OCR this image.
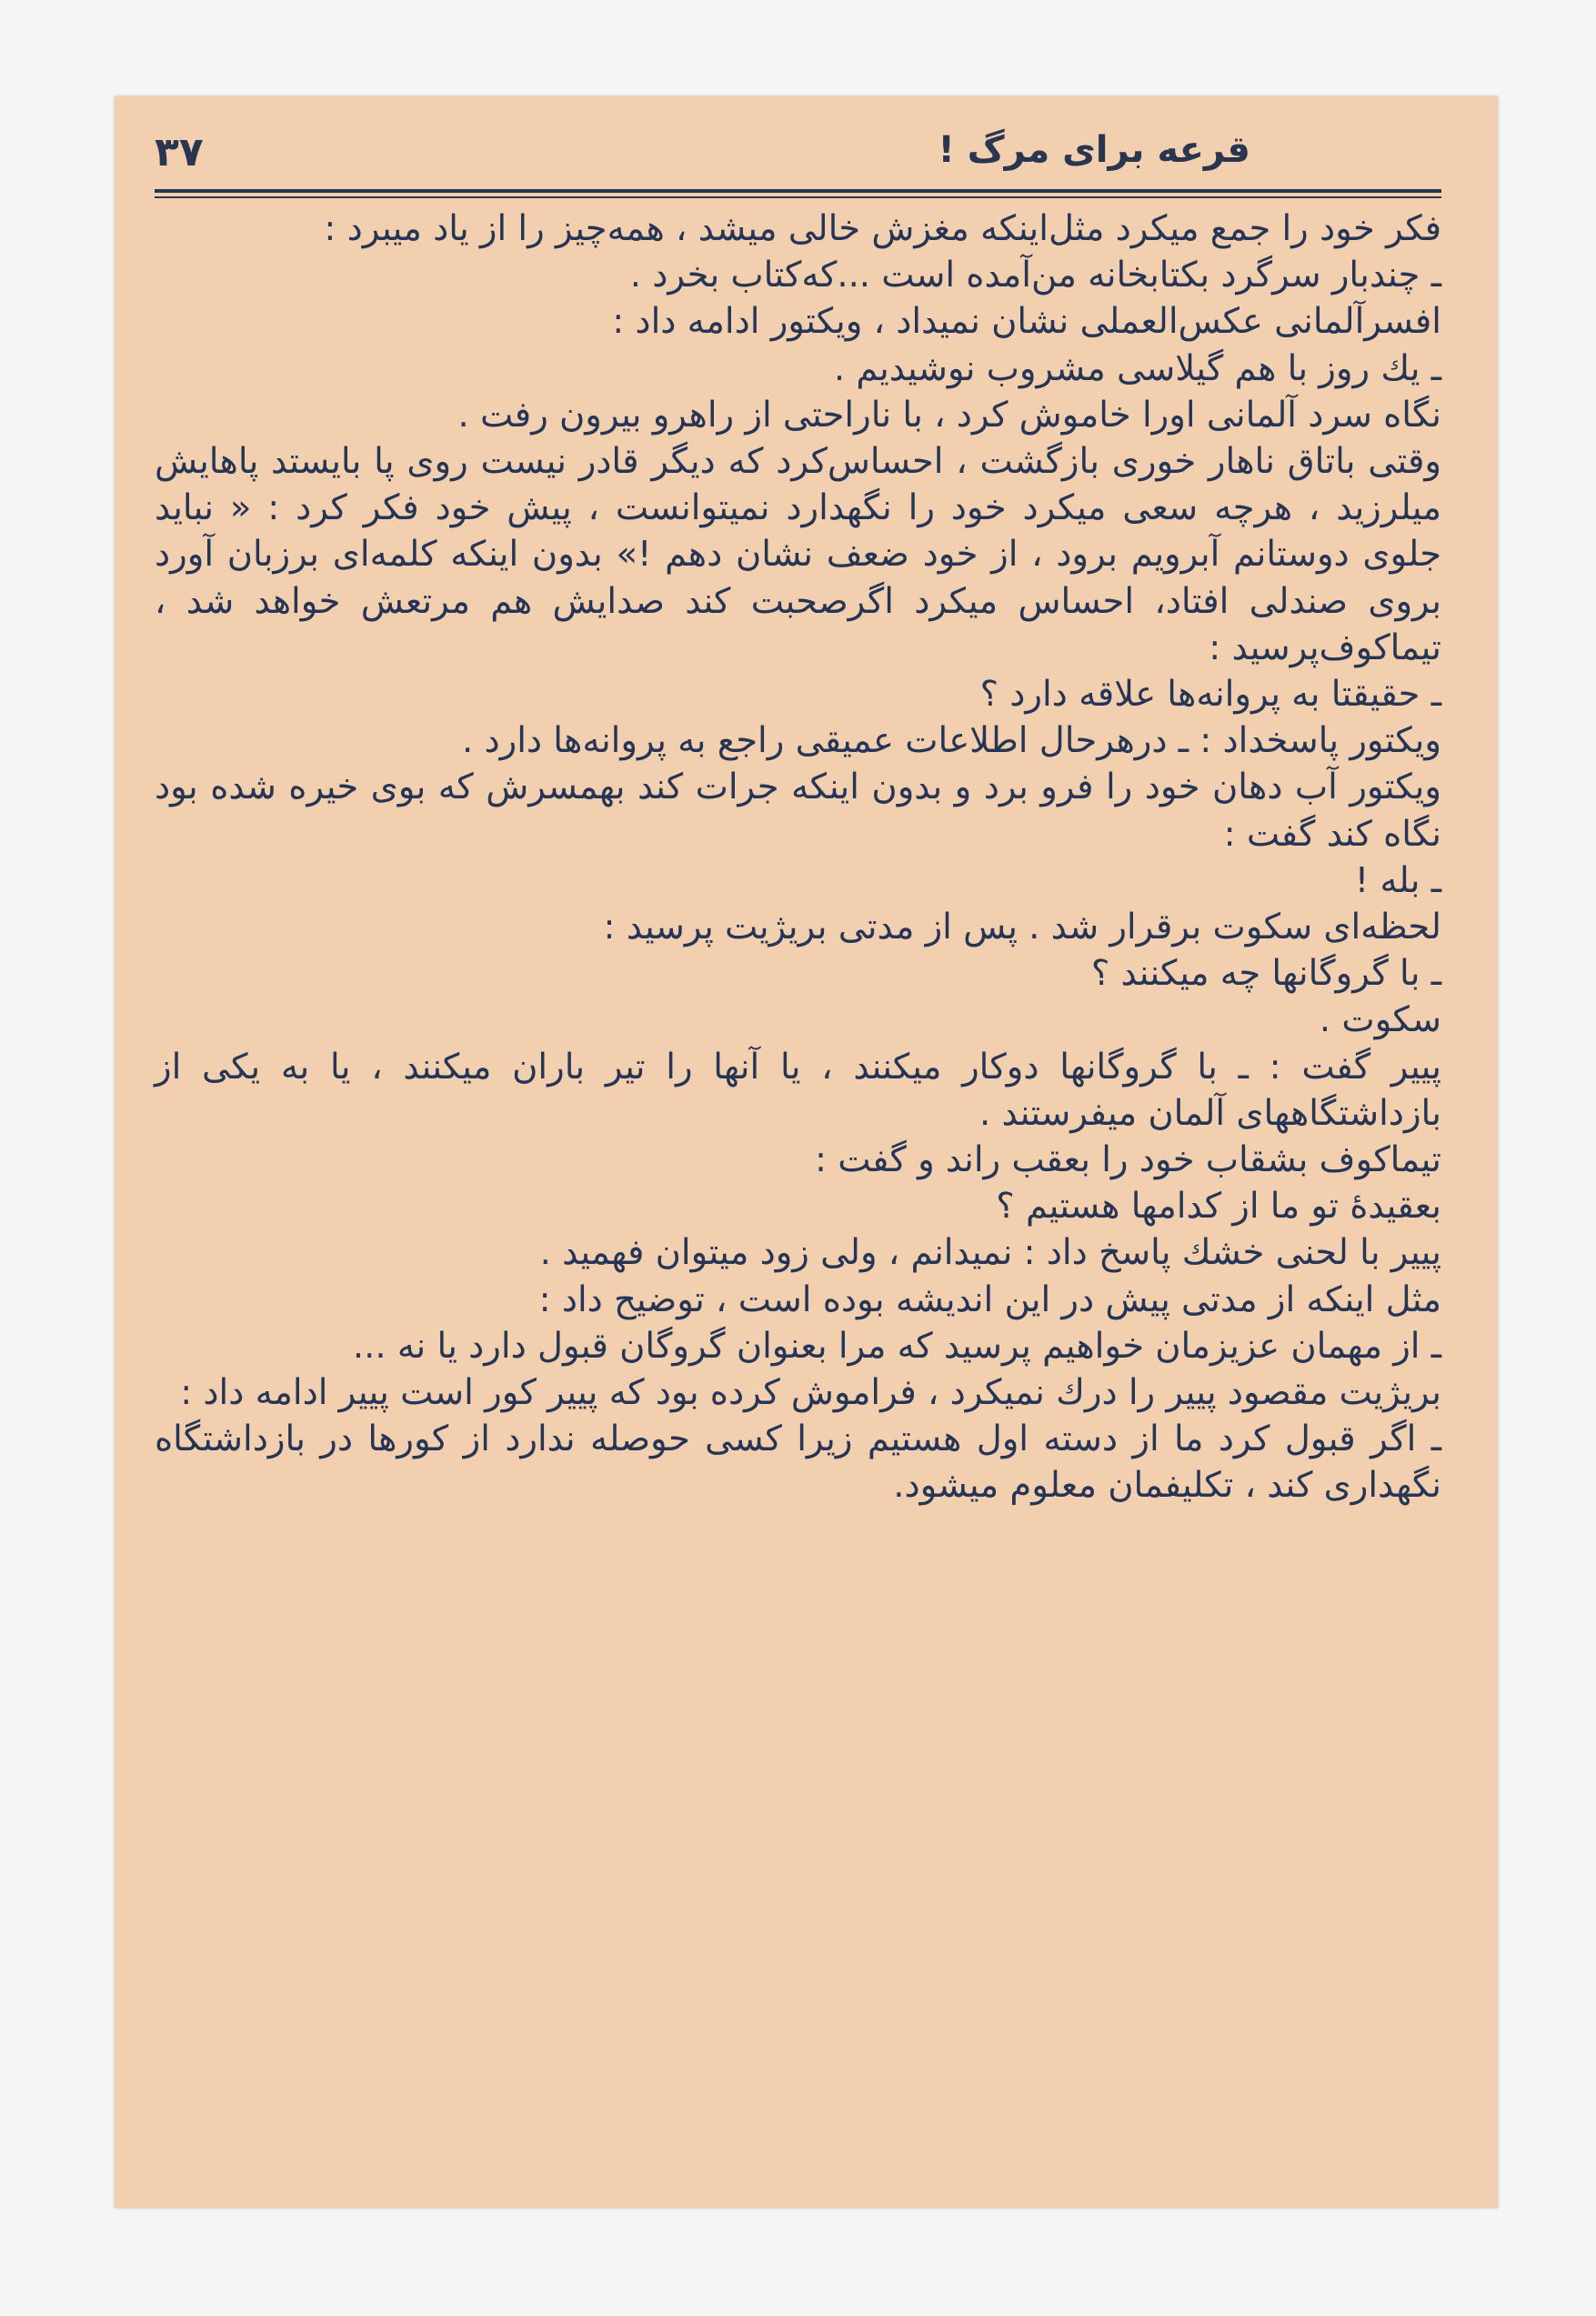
قرعه برای مرگ !
۳۷

فکر خود را جمع میکرد مثل‌اینکه مغزش خالی میشد ، همه‌چیز را از یاد میبرد :

ـ چندبار سرگرد بکتابخانه من‌آمده است ...که‌کتاب بخرد .

افسرآلمانی عکس‌العملی نشان نمیداد ، ویکتور ادامه داد :

ـ یك روز با هم گیلاسی مشروب نوشیدیم .

نگاه سرد آلمانی اورا خاموش کرد ، با ناراحتی از راهرو بیرون رفت .

وقتی باتاق ناهار خوری بازگشت ، احساس‌کرد که دیگر قادر نیست روی پا بایستد پاهایش میلرزید ، هرچه سعی میکرد خود را نگهدارد نمیتوانست ، پیش خود فکر کرد : « نباید جلوی دوستانم آبرویم برود ، از خود ضعف نشان دهم !» بدون اینکه کلمه‌ای برزبان آورد بروی صندلی افتاد، احساس میکرد اگرصحبت کند صدایش هم مرتعش خواهد شد ، تیماکوف‌پرسید :

ـ حقیقتا به پروانه‌ها علاقه دارد ؟

ویکتور پاسخداد : ـ درهرحال اطلاعات عمیقی راجع به پروانه‌ها دارد .

ویکتور آب دهان خود را فرو برد و بدون اینکه جرات کند بهمسرش که بوی خیره شده بود نگاه کند گفت :

ـ بله !

لحظه‌ای سکوت برقرار شد . پس از مدتی بریژیت پرسید :

ـ با گروگانها چه میکنند ؟

سکوت .

پییر گفت : ـ با گروگانها دوکار میکنند ، یا آنها را تیر باران میکنند ، یا به یکی از بازداشتگاههای آلمان میفرستند .

تیماکوف بشقاب خود را بعقب راند و گفت :

بعقیدهٔ تو ما از کدامها هستیم ؟

پییر با لحنی خشك پاسخ داد : نمیدانم ، ولی زود میتوان فهمید .

مثل اینکه از مدتی پیش در این اندیشه بوده است ، توضیح داد :

ـ از مهمان عزیزمان خواهیم پرسید که مرا بعنوان گروگان قبول دارد یا نه ...

بریژیت مقصود پییر را درك نمیکرد ، فراموش کرده بود که پییر کور است پییر ادامه داد :

ـ اگر قبول کرد ما از دسته اول هستیم زیرا کسی حوصله ندارد از کورها در بازداشتگاه نگهداری کند ، تکلیفمان معلوم میشود.
